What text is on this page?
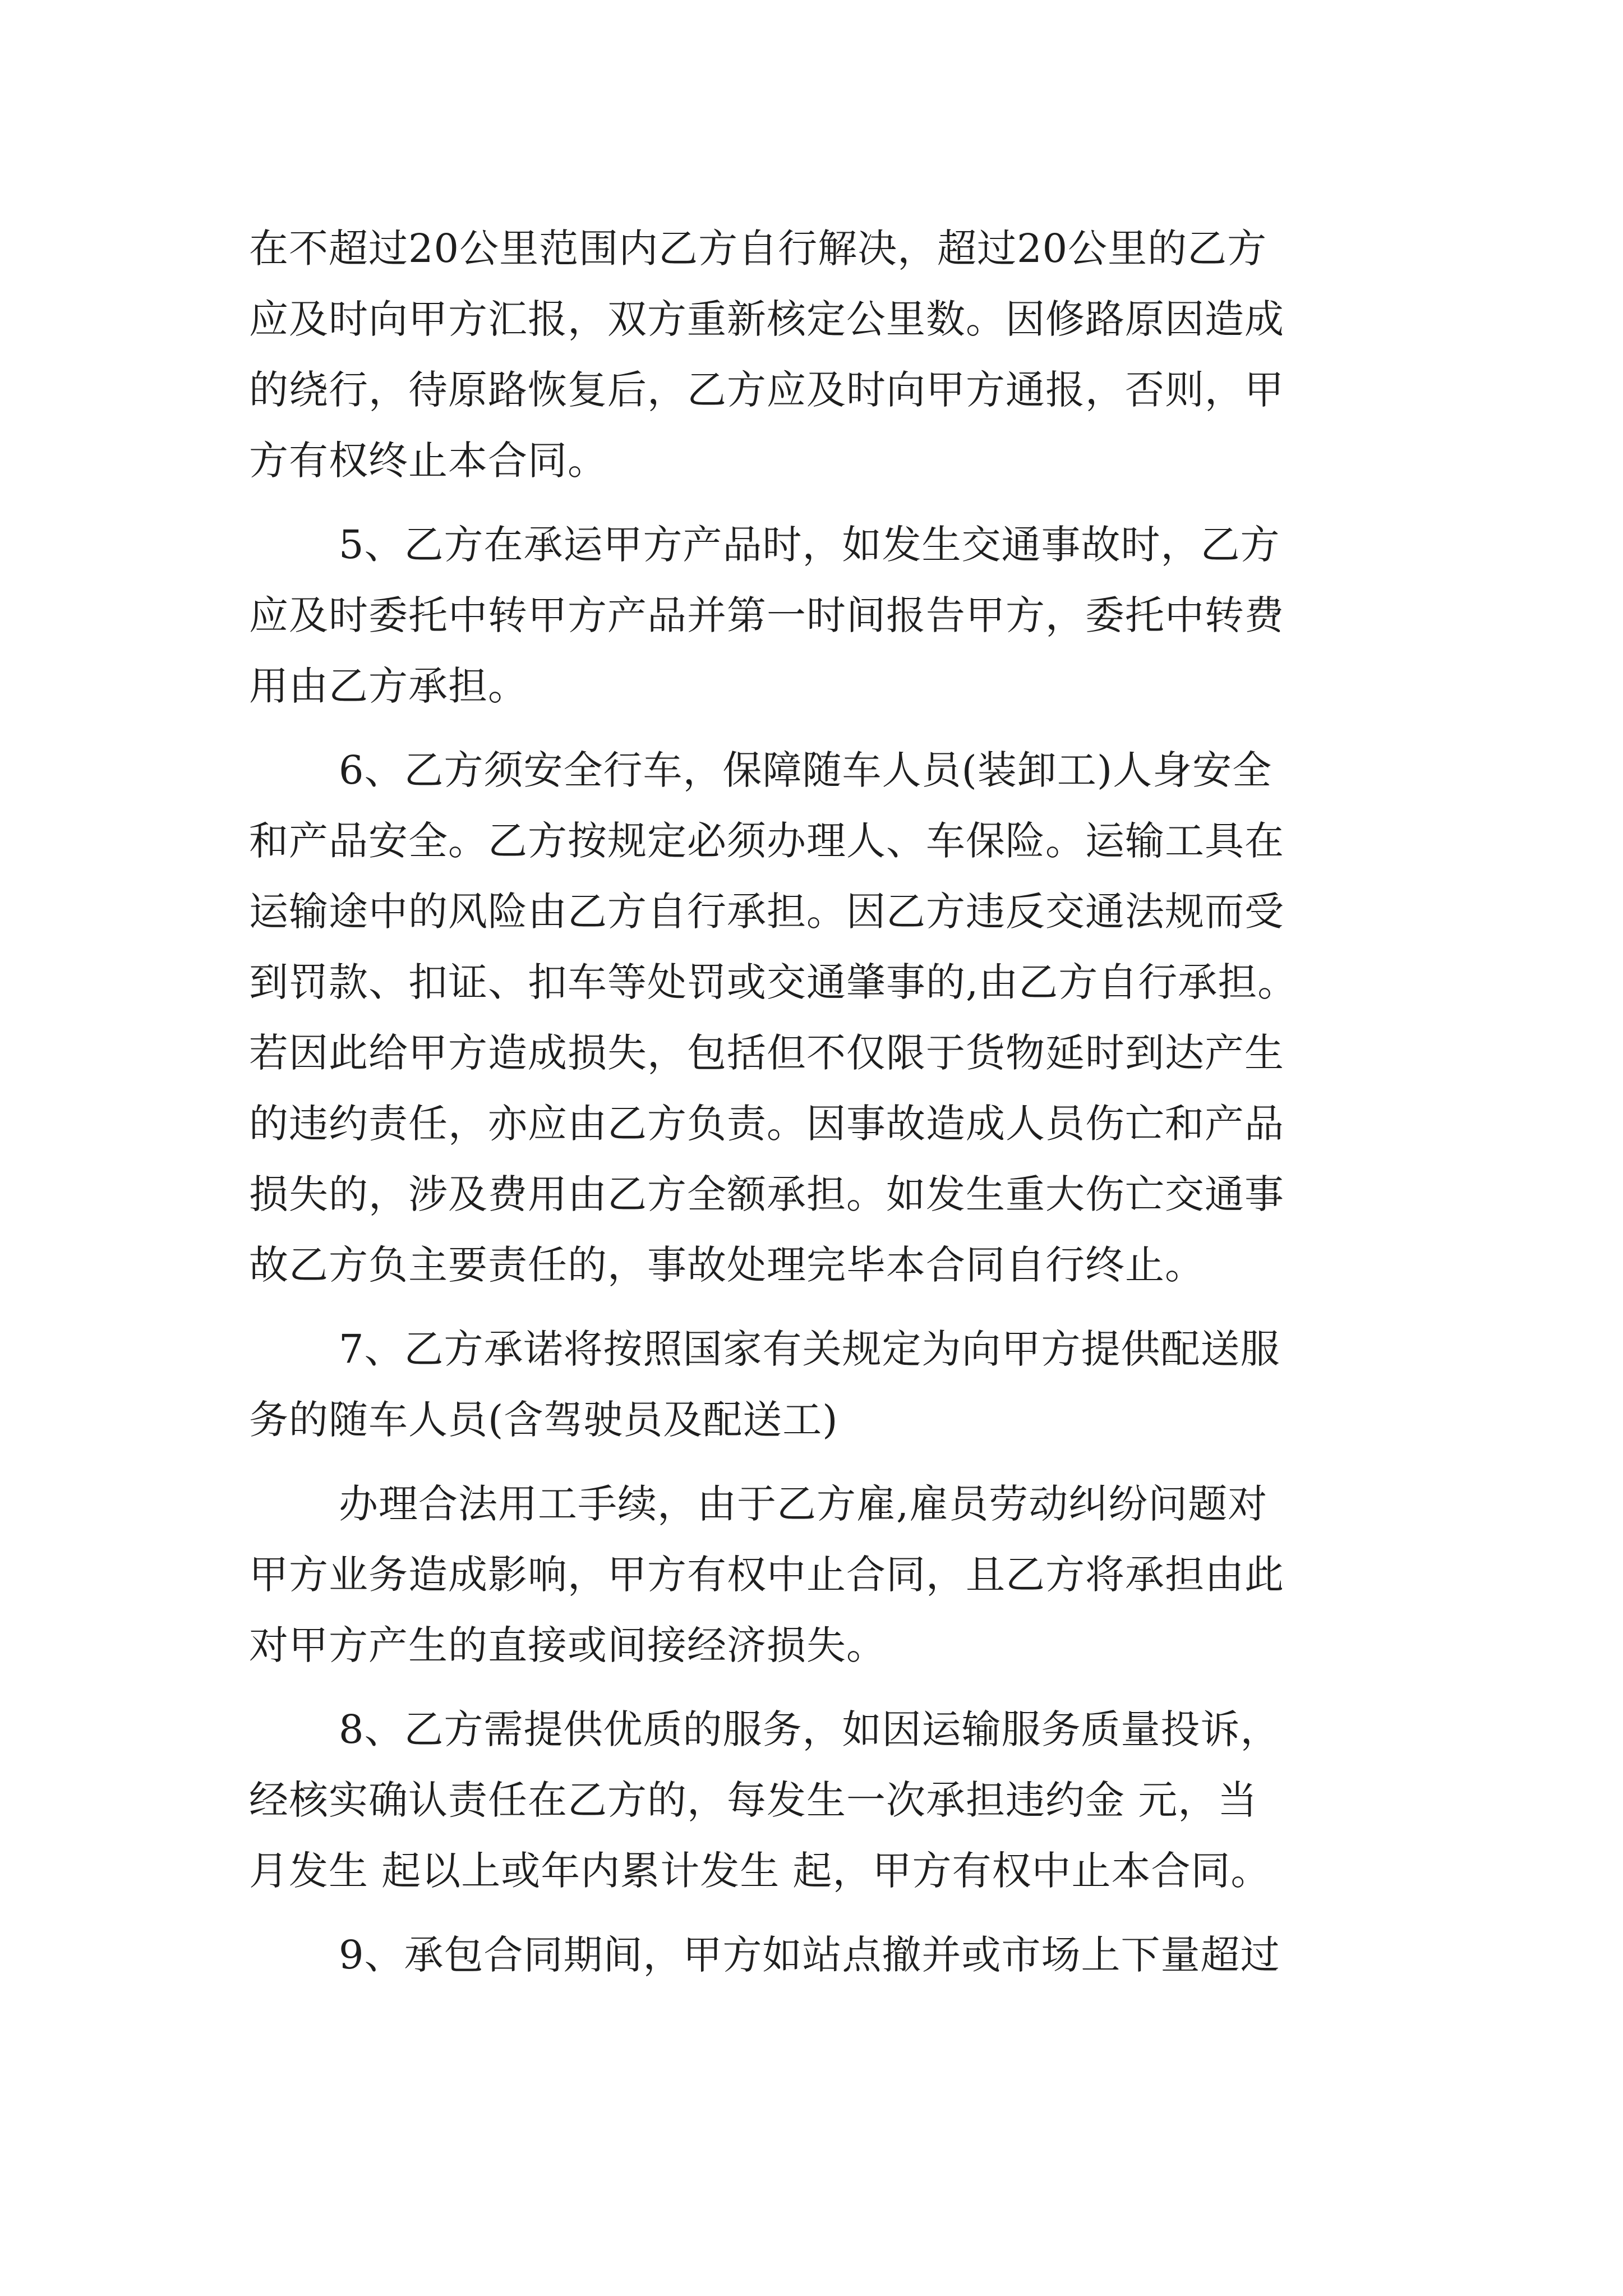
在不超过20公里范围内乙方自行解决，超过20公里的乙方
应及时向甲方汇报，双方重新核定公里数。因修路原因造成
的绕行，待原路恢复后，乙方应及时向甲方通报，否则，甲
方有权终止本合同。
5、乙方在承运甲方产品时，如发生交通事故时，乙方
应及时委托中转甲方产品并第一时间报告甲方，委托中转费
用由乙方承担。
6、乙方须安全行车，保障随车人员(装卸工)人身安全
和产品安全。乙方按规定必须办理人、车保险。运输工具在
运输途中的风险由乙方自行承担。因乙方违反交通法规而受
到罚款、扣证、扣车等处罚或交通肇事的,由乙方自行承担。
若因此给甲方造成损失，包括但不仅限于货物延时到达产生
的违约责任，亦应由乙方负责。因事故造成人员伤亡和产品
损失的，涉及费用由乙方全额承担。如发生重大伤亡交通事
故乙方负主要责任的，事故处理完毕本合同自行终止。
7、乙方承诺将按照国家有关规定为向甲方提供配送服
务的随车人员(含驾驶员及配送工)
办理合法用工手续，由于乙方雇,雇员劳动纠纷问题对
甲方业务造成影响，甲方有权中止合同，且乙方将承担由此
对甲方产生的直接或间接经济损失。
8、乙方需提供优质的服务，如因运输服务质量投诉，
经核实确认责任在乙方的，每发生一次承担违约金 元，当
月发生 起以上或年内累计发生 起，甲方有权中止本合同。
9、承包合同期间，甲方如站点撤并或市场上下量超过
